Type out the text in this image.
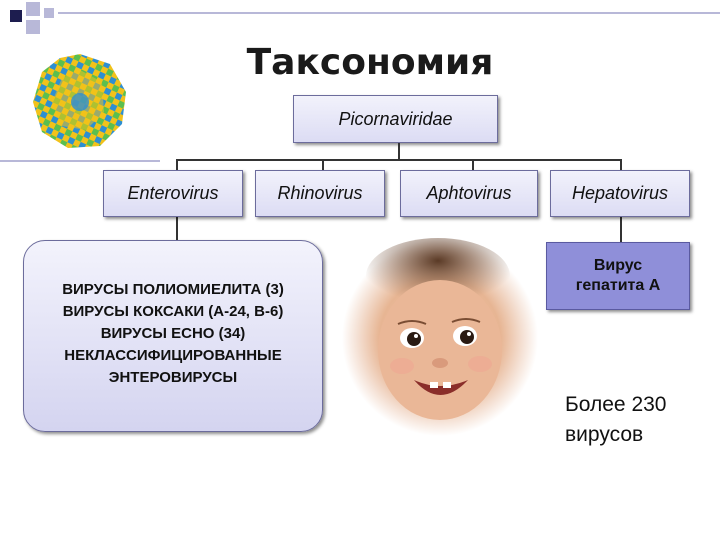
Таксономия
Picornaviridae
Enterovirus	Rhinovirus	Aphtovirus	Hepatovirus
ВИРУСЫ ПОЛИОМИЕЛИТА (3)
ВИРУСЫ КОКСАКИ (А-24, В-6)
ВИРУСЫ ЕСНО (34)
НЕКЛАССИФИЦИРОВАННЫЕ
ЭНТЕРОВИРУСЫ
Вирус
гепатита А
Более 230
вирусов
